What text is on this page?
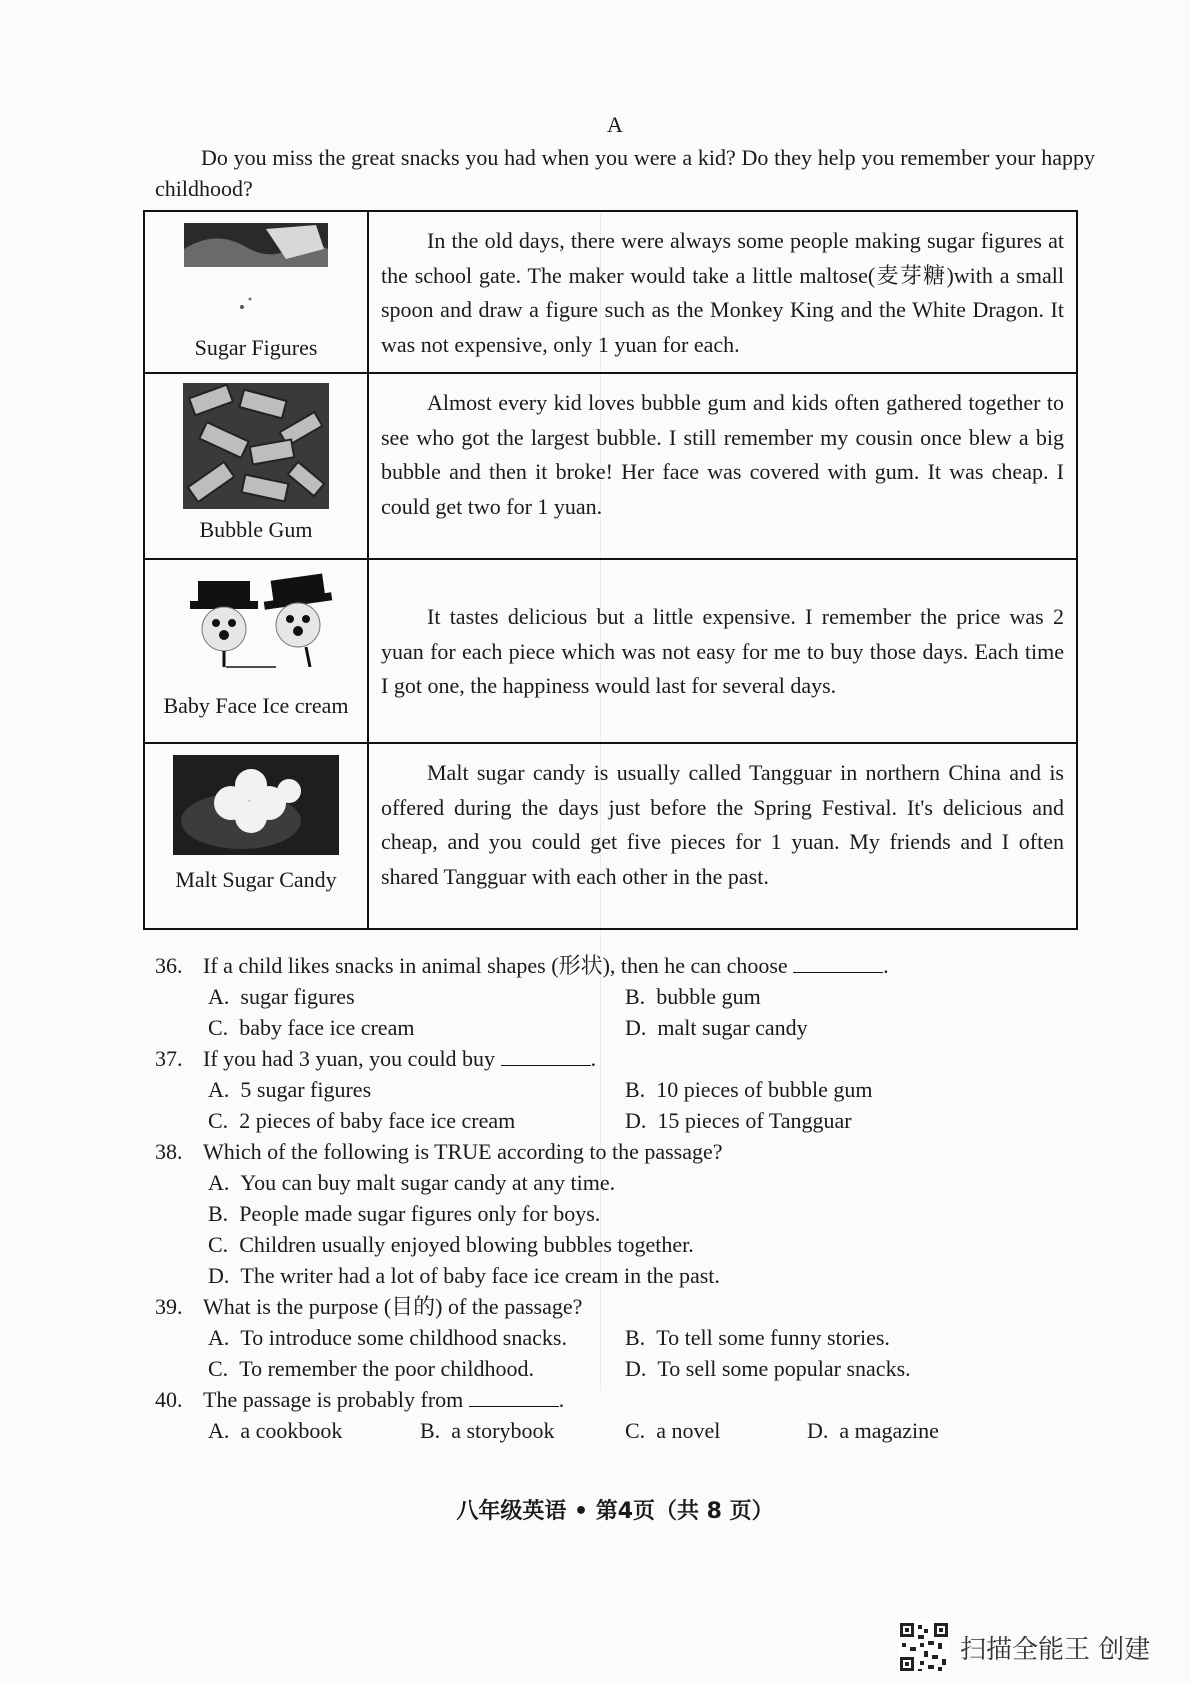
A
Do you miss the great snacks you had when you were a kid? Do they help you remember your happy childhood?
Sugar Figures	In the old days, there were always some people making sugar figures at the school gate. The maker would take a little maltose(麦芽糖)with a small spoon and draw a figure such as the Monkey King and the White Dragon. It was not expensive, only 1 yuan for each.

Bubble Gum	Almost every kid loves bubble gum and kids often gathered together to see who got the largest bubble. I still remember my cousin once blew a big bubble and then it broke! Her face was covered with gum. It was cheap. I could get two for 1 yuan.

Baby Face Ice cream	It tastes delicious but a little expensive. I remember the price was 2 yuan for each piece which was not easy for me to buy those days. Each time I got one, the happiness would last for several days.

Malt Sugar Candy	Malt sugar candy is usually called Tangguar in northern China and is offered during the days just before the Spring Festival. It's delicious and cheap, and you could get five pieces for 1 yuan. My friends and I often shared Tangguar with each other in the past.
36. If a child likes snacks in animal shapes (形状), then he can choose	.
A. sugar figures	B. bubble gum
C. baby face ice cream	D. malt sugar candy
37. If you had 3 yuan, you could buy	.
A. 5 sugar figures	B. 10 pieces of bubble gum
C. 2 pieces of baby face ice cream	D. 15 pieces of Tangguar
38. Which of the following is TRUE according to the passage?
A. You can buy malt sugar candy at any time.
B. People made sugar figures only for boys.
C. Children usually enjoyed blowing bubbles together.
D. The writer had a lot of baby face ice cream in the past.
39. What is the purpose (目的) of the passage?
A. To introduce some childhood snacks.	B. To tell some funny stories.
C. To remember the poor childhood.	D. To sell some popular snacks.
40. The passage is probably from	.
A. a cookbook	B. a storybook	C. a novel	D. a magazine
八年级英语 • 第4页（共 8 页）
扫描全能王 创建
